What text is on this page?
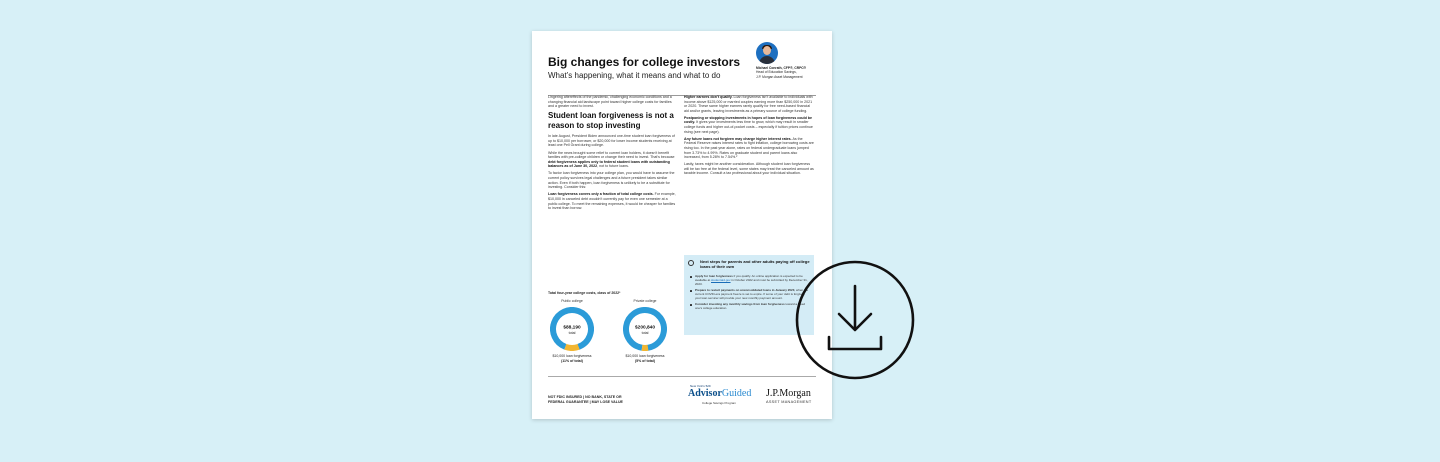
Big changes for college investors
What’s happening, what it means and what to do
Michael Conrath, CFP®, CRPC®
Head of Education Savings,
J.P. Morgan Asset Management

Lingering aftereffects of the pandemic, challenging economic conditions and a changing financial aid landscape point toward higher college costs for families and a greater need to invest.

Student loan forgiveness is not a reason to stop investing

In late August, President Biden announced one-time student loan forgiveness of up to $10,000 per borrower, or $20,000 for lower income students receiving at least one Pell Grant during college.

While the news brought some relief to current loan holders, it doesn’t benefit families with pre-college children or change their need to invest. That’s because debt forgiveness applies only to federal student loans with outstanding balances as of June 30, 2022, not to future loans.

To factor loan forgiveness into your college plan, you would have to assume the current policy survives legal challenges and a future president takes similar action. Even if both happen, loan forgiveness is unlikely to be a substitute for investing. Consider this:

Loan forgiveness covers only a fraction of total college costs. For example, $10,000 in canceled debt wouldn’t currently pay for even one semester at a public college. To meet the remaining expenses, it would be cheaper for families to invest than borrow.

Total four-year college costs, class of 2022³

Higher earners don’t qualify. Loan forgiveness isn’t available to individuals with income above $125,000 or married couples earning more than $250,000 in 2021 or 2020. These same higher earners rarely qualify for free need-based financial aid and/or grants, leaving investments as a primary source of college funding.

Postponing or stopping investments in hopes of loan forgiveness could be costly. It gives your investments less time to grow, which may result in smaller college funds and higher out-of-pocket costs – especially if tuition prices continue rising (see next page).

Any future loans not forgiven may charge higher interest rates. As the Federal Reserve raises interest rates to fight inflation, college borrowing costs are rising too. In the past year alone, rates on federal undergraduate loans jumped from 3.73% to 4.99%. Rates on graduate student and parent loans also increased, from 5.28% to 7.54%.²

Lastly, taxes might be another consideration. Although student loan forgiveness will be tax free at the federal level, some states may treat the canceled amount as taxable income. Consult a tax professional about your individual situation.

Next steps for parents and other adults paying off college loans of their own
Apply for loan forgiveness if you qualify. An online application is expected to be available at studentaid.gov in October 2022 and must be submitted by December 31, 2023.
Prepare to restart payments on unconsolidated loans in January 2023, when the current COVID-era payment freeze is set to expire. If some of your debt is forgiven, your loan servicer will provide your new monthly payment amount.
Consider investing any monthly savings from loan forgiveness toward a loved one’s college education.
NOT FDIC INSURED | NO BANK, STATE OR FEDERAL GUARANTEE | MAY LOSE VALUE
New York's 529
AdvisorGuided
College Savings Program
J.P.Morgan
ASSET MANAGEMENT
Public college
$88,190
total
$10,000 loan forgiveness
(11% of total)
Private college
$200,840
total
$10,000 loan forgiveness
(5% of total)
